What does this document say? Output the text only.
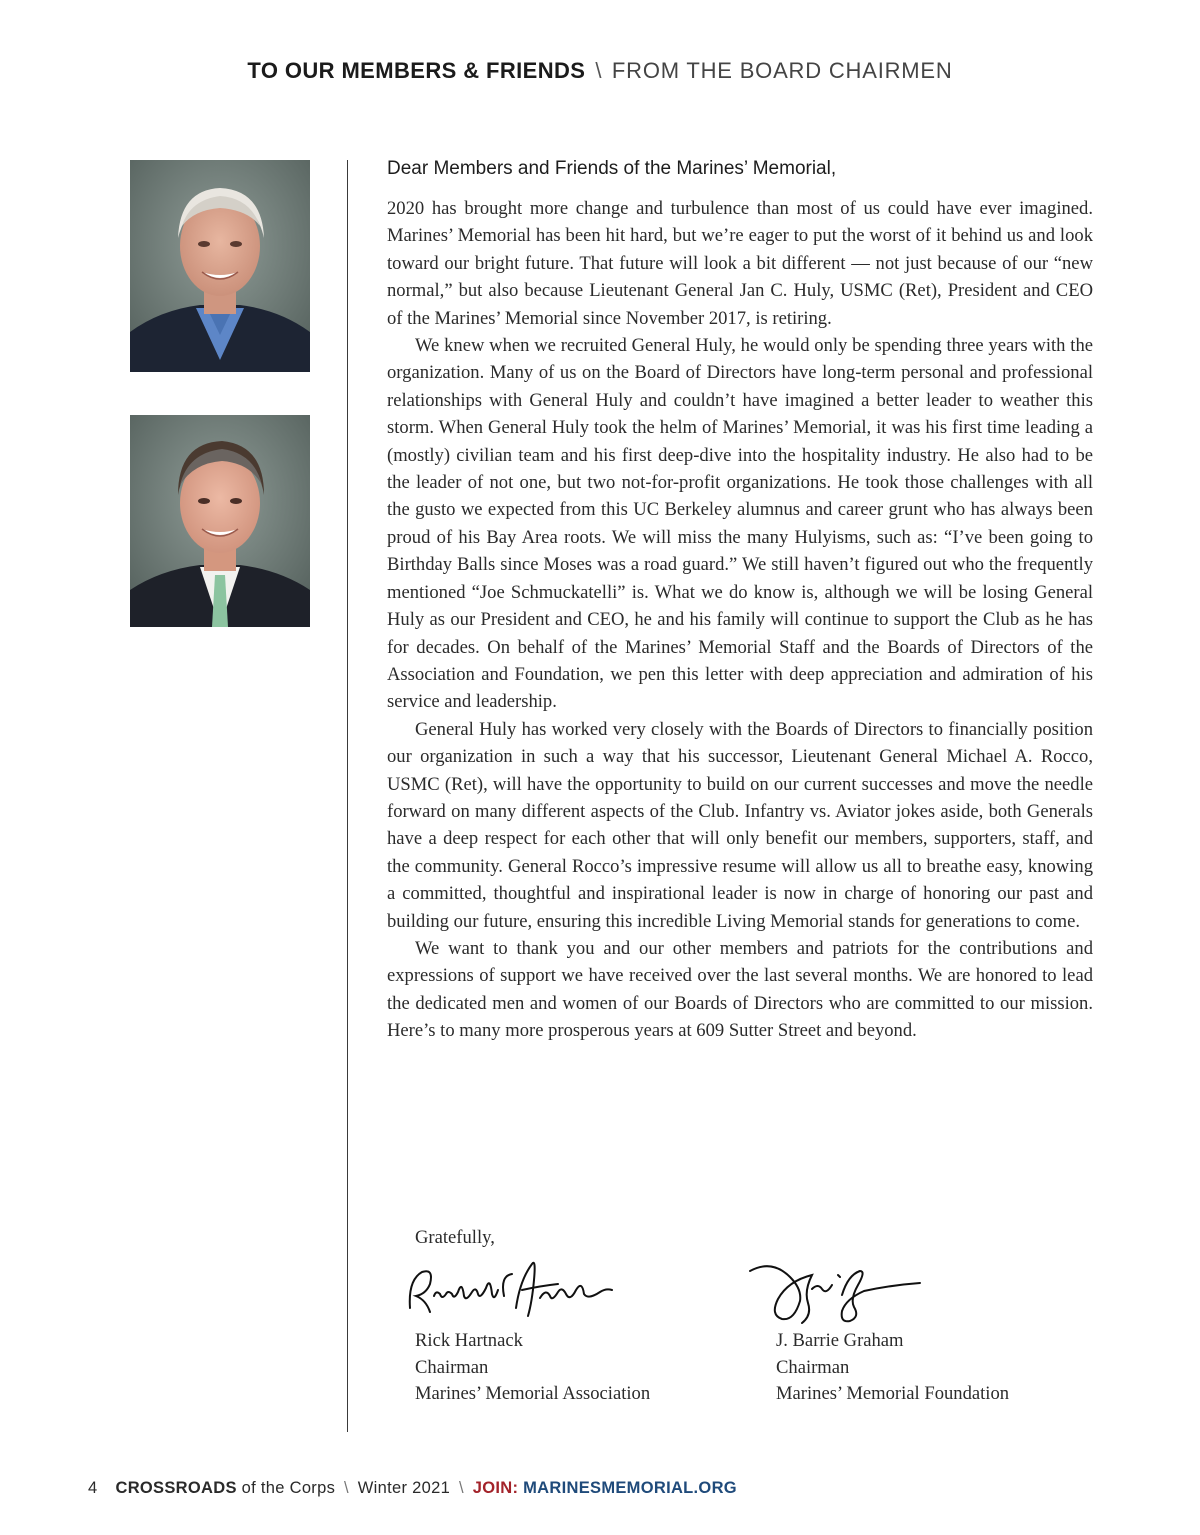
TO OUR MEMBERS & FRIENDS \ FROM THE BOARD CHAIRMEN
Dear Members and Friends of the Marines’ Memorial,

2020 has brought more change and turbulence than most of us could have ever imagined. Marines’ Memorial has been hit hard, but we’re eager to put the worst of it behind us and look toward our bright future. That future will look a bit different — not just because of our “new normal,” but also because Lieutenant General Jan C. Huly, USMC (Ret), President and CEO of the Marines’ Memorial since November 2017, is retiring.

We knew when we recruited General Huly, he would only be spending three years with the organization. Many of us on the Board of Directors have long-term personal and professional relationships with General Huly and couldn’t have imagined a better leader to weather this storm. When General Huly took the helm of Marines’ Memorial, it was his first time leading a (mostly) civilian team and his first deep-dive into the hospitality industry. He also had to be the leader of not one, but two not-for-profit organizations. He took those challenges with all the gusto we expected from this UC Berkeley alumnus and career grunt who has always been proud of his Bay Area roots. We will miss the many Hulyisms, such as: “I’ve been going to Birthday Balls since Moses was a road guard.” We still haven’t figured out who the frequently mentioned “Joe Schmuckatelli” is. What we do know is, although we will be losing General Huly as our President and CEO, he and his family will continue to support the Club as he has for decades. On behalf of the Marines’ Memorial Staff and the Boards of Directors of the Association and Foundation, we pen this letter with deep appreciation and admiration of his service and leadership.

General Huly has worked very closely with the Boards of Directors to financially position our organization in such a way that his successor, Lieutenant General Michael A. Rocco, USMC (Ret), will have the opportunity to build on our current successes and move the needle forward on many different aspects of the Club. Infantry vs. Aviator jokes aside, both Generals have a deep respect for each other that will only benefit our members, supporters, staff, and the community. General Rocco’s impressive resume will allow us all to breathe easy, knowing a committed, thoughtful and inspirational leader is now in charge of honoring our past and building our future, ensuring this incredible Living Memorial stands for generations to come.

We want to thank you and our other members and patriots for the contributions and expressions of support we have received over the last several months. We are honored to lead the dedicated men and women of our Boards of Directors who are committed to our mission. Here’s to many more prosperous years at 609 Sutter Street and beyond.

Gratefully,
Rick Hartnack
Chairman
Marines’ Memorial Association
J. Barrie Graham
Chairman
Marines’ Memorial Foundation
4 CROSSROADS of the Corps \ Winter 2021 \ JOIN: MARINESMEMORIAL.ORG
